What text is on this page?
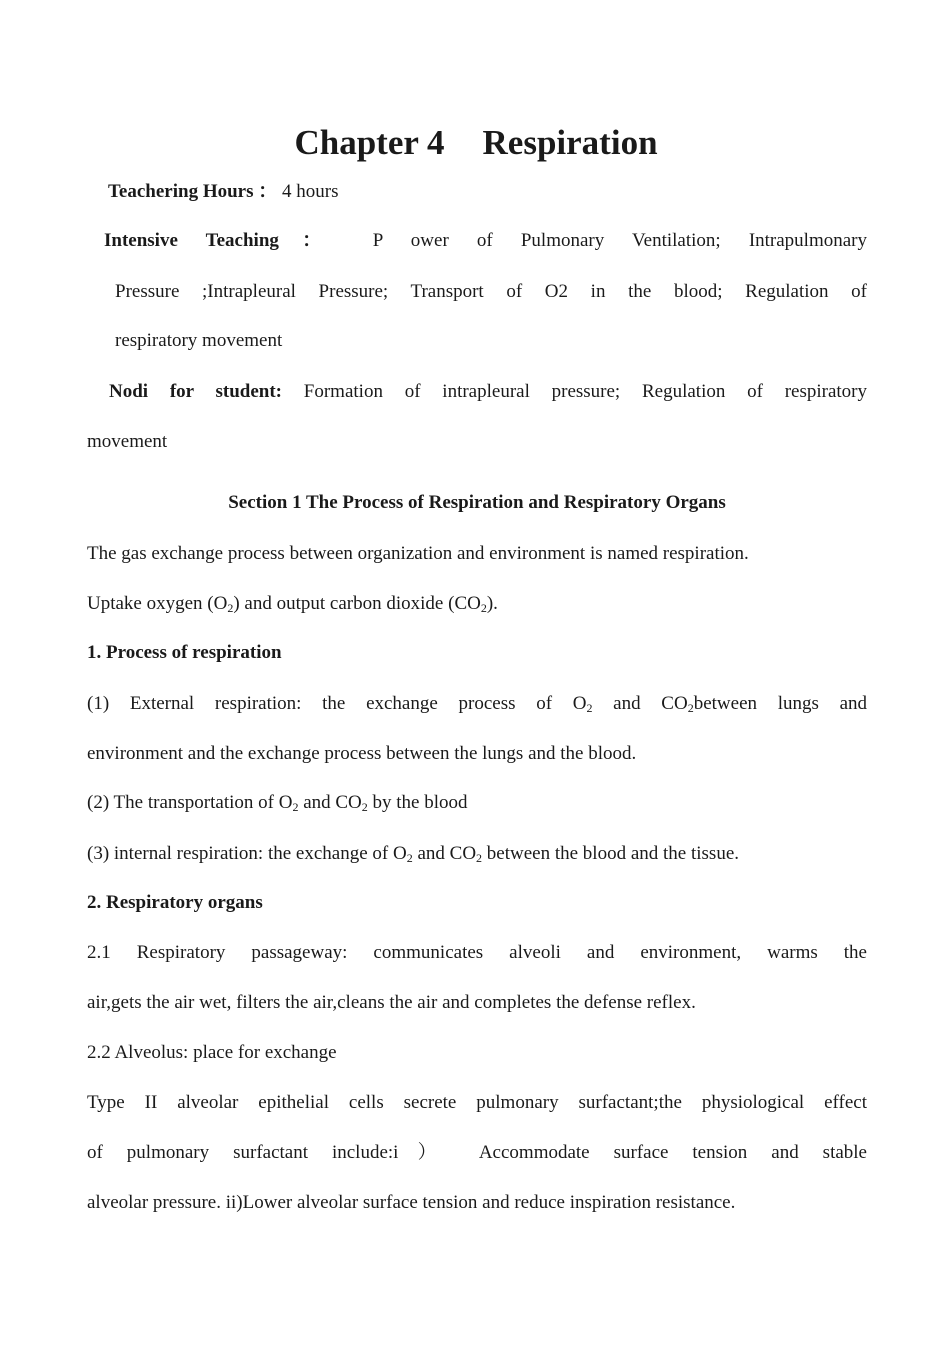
Chapter 4 Respiration
Teachering Hours ： 4 hours
Intensive Teaching： P ower of Pulmonary Ventilation; Intrapulmonary
Pressure ;Intrapleural Pressure; Transport of O2 in the blood; Regulation of
respiratory movement
Nodi for student: Formation of intrapleural pressure; Regulation of respiratory
movement
Section 1 The Process of Respiration and Respiratory Organs
The gas exchange process between organization and environment is named respiration.
Uptake oxygen $(O_2)$ and output carbon dioxide $(CO_2)$.
1. Process of respiration
(1) External respiration: the exchange process of $O_2$ and $CO_2between$ lungs and
environment and the exchange process between the lungs and the blood.
(2) The transportation of $O_2$ and $CO_2$ by the blood
(3) internal respiration: the exchange of $O_2$ and $CO_2$ between the blood and the tissue.
2. Respiratory organs
2.1 Respiratory passageway: communicates alveoli and environment, warms the
air,gets the air wet, filters the air,cleans the air and completes the defense reflex.
2.2 Alveolus: place for exchange
Type II alveolar epithelial cells secrete pulmonary surfactant;the physiological effect
of pulmonary surfactant include:i） Accommodate surface tension and stable
alveolar pressure. ii)Lower alveolar surface tension and reduce inspiration resistance.
